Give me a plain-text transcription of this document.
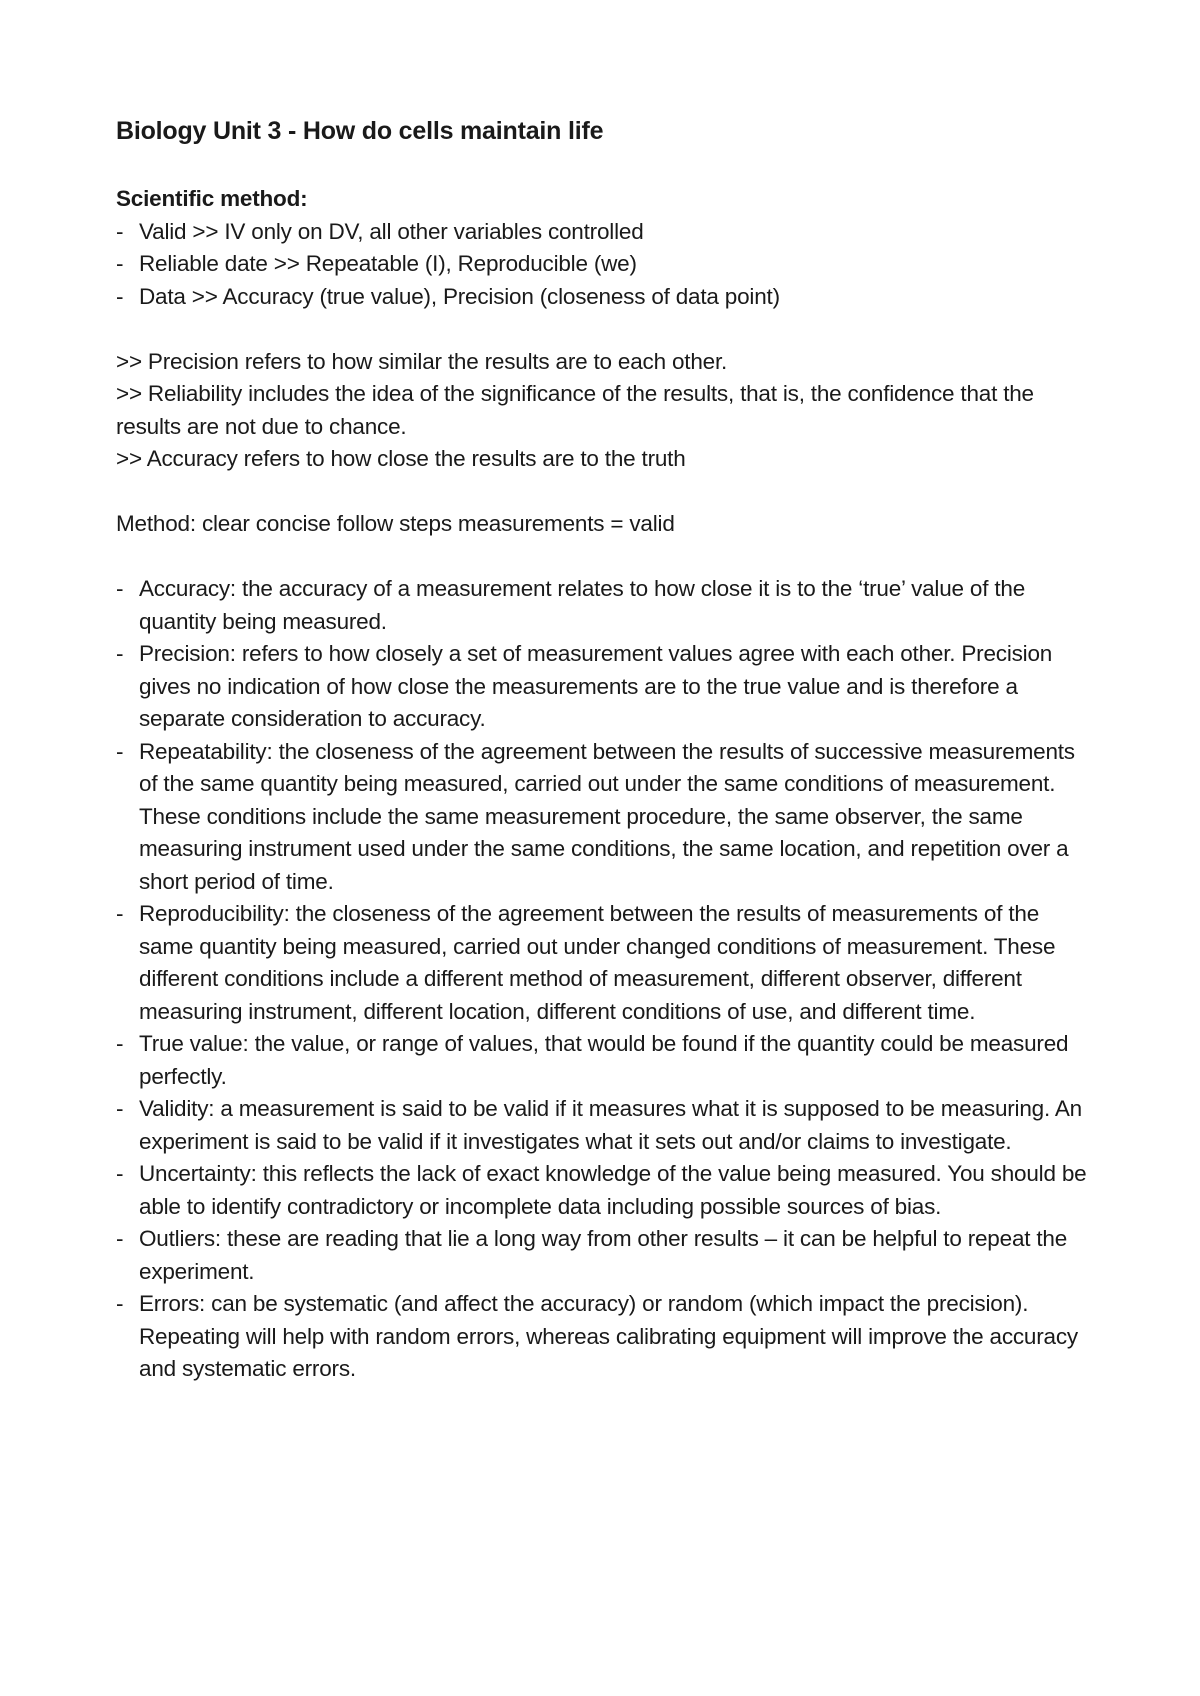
Biology Unit 3 - How do cells maintain life

Scientific method:

- Valid >> IV only on DV, all other variables controlled
- Reliable date >> Repeatable (I), Reproducible (we)
- Data >> Accuracy (true value), Precision (closeness of data point)

>> Precision refers to how similar the results are to each other.

>> Reliability includes the idea of the significance of the results, that is, the confidence that the results are not due to chance.

>> Accuracy refers to how close the results are to the truth

Method: clear concise follow steps measurements = valid

- Accuracy: the accuracy of a measurement relates to how close it is to the ‘true’ value of the quantity being measured.
- Precision: refers to how closely a set of measurement values agree with each other. Precision gives no indication of how close the measurements are to the true value and is therefore a separate consideration to accuracy.
- Repeatability: the closeness of the agreement between the results of successive measurements of the same quantity being measured, carried out under the same conditions of measurement. These conditions include the same measurement procedure, the same observer, the same measuring instrument used under the same conditions, the same location, and repetition over a short period of time.
- Reproducibility: the closeness of the agreement between the results of measurements of the same quantity being measured, carried out under changed conditions of measurement. These different conditions include a different method of measurement, different observer, different measuring instrument, different location, different conditions of use, and different time.
- True value: the value, or range of values, that would be found if the quantity could be measured perfectly.
- Validity: a measurement is said to be valid if it measures what it is supposed to be measuring. An experiment is said to be valid if it investigates what it sets out and/or claims to investigate.
- Uncertainty: this reflects the lack of exact knowledge of the value being measured. You should be able to identify contradictory or incomplete data including possible sources of bias.
- Outliers: these are reading that lie a long way from other results – it can be helpful to repeat the experiment.
- Errors: can be systematic (and affect the accuracy) or random (which impact the precision). Repeating will help with random errors, whereas calibrating equipment will improve the accuracy and systematic errors.
